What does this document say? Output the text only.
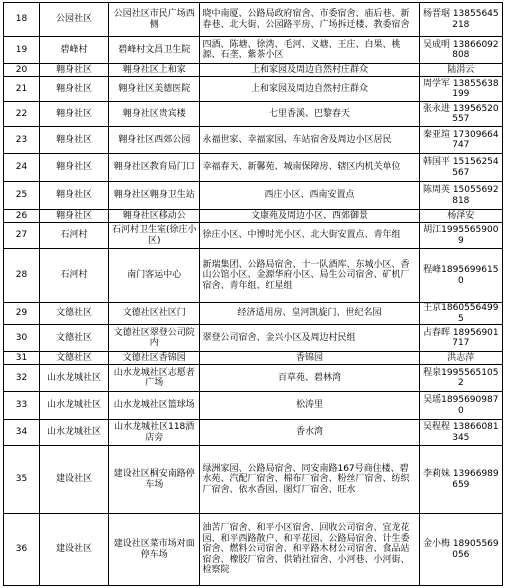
18	公园社区	公园社区市民广场西侧	晓中南厦、公路局政府宿舍、市委宿舍、庙后巷、新春巷、北大街、公园路平房、广场拆迁楼、教委宿舍	杨晋琚 13855645218
19	碧峰村	碧峰村文昌卫生院	四酒、陈塘、徐湾、毛河、义塘、王庄、白果、桃源、石垄、紫茶小区	吴成明 13866092808
20	翱身社区	翱身社区上和家	上和家园及周边自然村庄群众	陆涓云
21	翱身社区	翱身社区美德医院	上和家园及周边自然村庄群众	周学军 13855638199
22	翱身社区	翱身社区贵宾楼	七里香溪、巴黎春天	张永进 13956520557
23	翱身社区	翱身社区西郊公园	永福世家、幸福家园、车站宿舍及周边小区居民	秦亚瑄 17309664747
24	翱身社区	翱身社区教育局门口	幸福春天、新馨苑、城南保障房、辖区内机关单位	韩国平 15156254567
25	翱身社区	翱身社区翱身卫生站	西庄小区、西南安置点	陈周英 15055692818
26	翱身社区	翱身社区移动公	文康苑及周边小区、西郊御景	杨泽安
27	石河村	石河村卫生室(徐庄小区)	徐庄小区、中博时光小区、北大街安置点、青年组	胡江19955659009
28	石河村	南门客运中心	新瑞集团、公路局宿舍、十一队酒库、东城小区、香山公馆小区、金源华府小区、局生公司宿舍、矿机厂宿舍、青年组、红星组	程峰18956996150
29	文德社区	文德社区社区门	经济适用房、皇河凯旋门、世纪名园	王京18605564995
30	文德社区	文德社区翠登公司院内	翠登公司宿舍、金兴小区及周边村民组	占春晖 18956901717
31	文德社区	文德社区香锦园	香锦园	洪志萍
32	山水龙城社区	山水龙城社区志愿者广场	百草苑、碧林湾	程泉19955651052
33	山水龙城社区	山水龙城社区篮球场	松涛里	吴瑶18956909870
34	山水龙城社区	山水龙城社区118酒店旁	香水湾	吴程程 13866081345
35	建设社区	建设社区桐安南路停车场	绿洲家园、公路局宿舍、同安南路167号商住楼、碧水苑、汽配厂宿舍、棉布厂宿舍、粉丝厂宿舍、纺织厂宿舍、依水香园、图灯厂宿舍、旺水	李莉妹 13966989659
36	建设社区	建设社区菜市场对面停车场	油苦厂宿舍、和平小区宿舍、回收公司宿舍、宜龙花园、和平西路散户、和平花园、公路局宿舍、计生委宿舍、燃料公司宿舍、和平路木材公司宿舍、食品站宿舍、橡胶厂宿舍、供销社宿舍、小河巷、小河街、检察院	金小梅 18905569056
